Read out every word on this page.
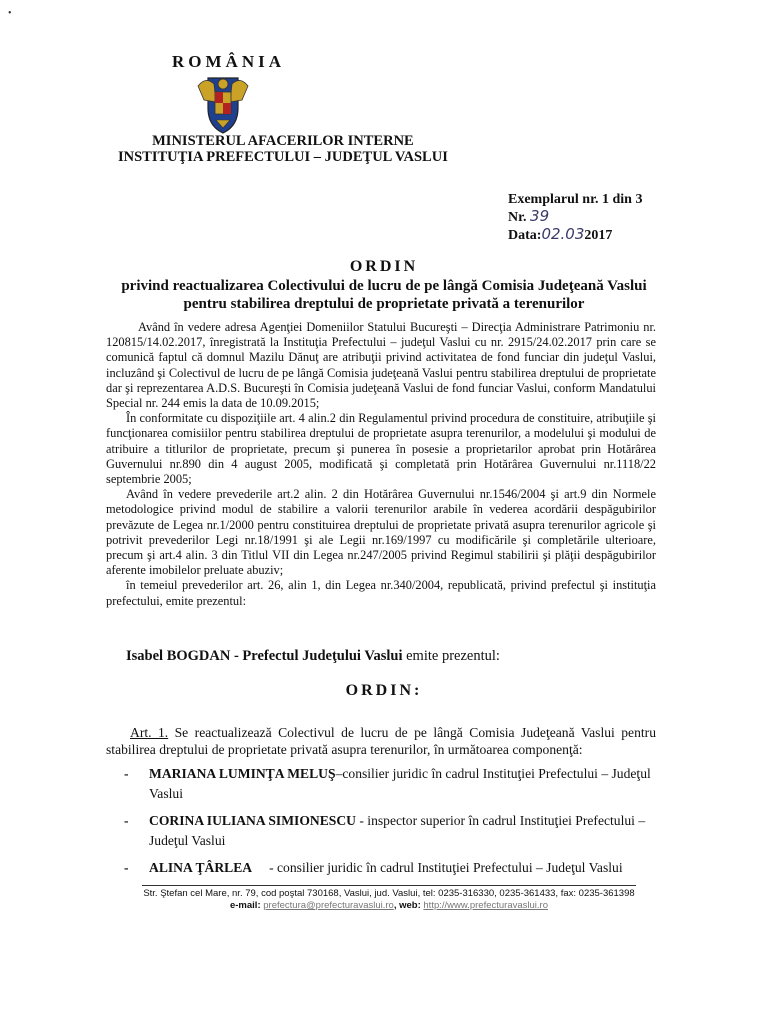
•
ROMÂNIA
MINISTERUL AFACERILOR INTERNE
INSTITUŢIA PREFECTULUI – JUDEŢUL VASLUI
Exemplarul nr. 1 din 3
Nr. 39
Data:02.032017
ORDIN
privind reactualizarea Colectivului de lucru de pe lângă Comisia Judeţeană Vaslui
pentru stabilirea dreptului de proprietate privată a terenurilor

Având în vedere adresa Agenţiei Domeniilor Statului Bucureşti – Direcţia Administrare Patrimoniu nr. 120815/14.02.2017, înregistrată la Instituţia Prefectului – judeţul Vaslui cu nr. 2915/24.02.2017 prin care se comunică faptul că domnul Mazilu Dănuţ are atribuţii privind activitatea de fond funciar din judeţul Vaslui, incluzând şi Colectivul de lucru de pe lângă Comisia judeţeană Vaslui pentru stabilirea dreptului de proprietate dar şi reprezentarea A.D.S. Bucureşti în Comisia judeţeană Vaslui de fond funciar Vaslui, conform Mandatului Special nr. 244 emis la data de 10.09.2015;

În conformitate cu dispoziţiile art. 4 alin.2 din Regulamentul privind procedura de constituire, atribuţiile şi funcţionarea comisiilor pentru stabilirea dreptului de proprietate asupra terenurilor, a modelului şi modului de atribuire a titlurilor de proprietate, precum şi punerea în posesie a proprietarilor aprobat prin Hotărârea Guvernului nr.890 din 4 august 2005, modificată şi completată prin Hotărârea Guvernului nr.1118/22 septembrie 2005;

Având în vedere prevederile art.2 alin. 2 din Hotărârea Guvernului nr.1546/2004 şi art.9 din Normele metodologice privind modul de stabilire a valorii terenurilor arabile în vederea acordării despăgubirilor prevăzute de Legea nr.1/2000 pentru constituirea dreptului de proprietate privată asupra terenurilor agricole şi potrivit prevederilor Legi nr.18/1991 şi ale Legii nr.169/1997 cu modificările şi completările ulterioare, precum şi art.4 alin. 3 din Titlul VII din Legea nr.247/2005 privind Regimul stabilirii şi plăţii despăgubirilor aferente imobilelor preluate abuziv;

în temeiul prevederilor art. 26, alin 1, din Legea nr.340/2004, republicată, privind prefectul şi instituţia prefectului, emite prezentul:

Isabel BOGDAN - Prefectul Judeţului Vaslui emite prezentul:
ORDIN:
Art. 1. Se reactualizează Colectivul de lucru de pe lângă Comisia Judeţeană Vaslui pentru stabilirea dreptului de proprietate privată asupra terenurilor, în următoarea componenţă:
- MARIANA LUMINŢA MELUŞ–consilier juridic în cadrul Instituţiei Prefectului – Judeţul Vaslui
- CORINA IULIANA SIMIONESCU - inspector superior în cadrul Instituţiei Prefectului – Judeţul Vaslui
- ALINA ŢÂRLEA     - consilier juridic în cadrul Instituţiei Prefectului – Judeţul Vaslui
Str. Ştefan cel Mare, nr. 79, cod poştal 730168, Vaslui, jud. Vaslui, tel: 0235-316330, 0235-361433, fax: 0235-361398
e-mail: prefectura@prefecturavaslui.ro, web: http://www.prefecturavaslui.ro
